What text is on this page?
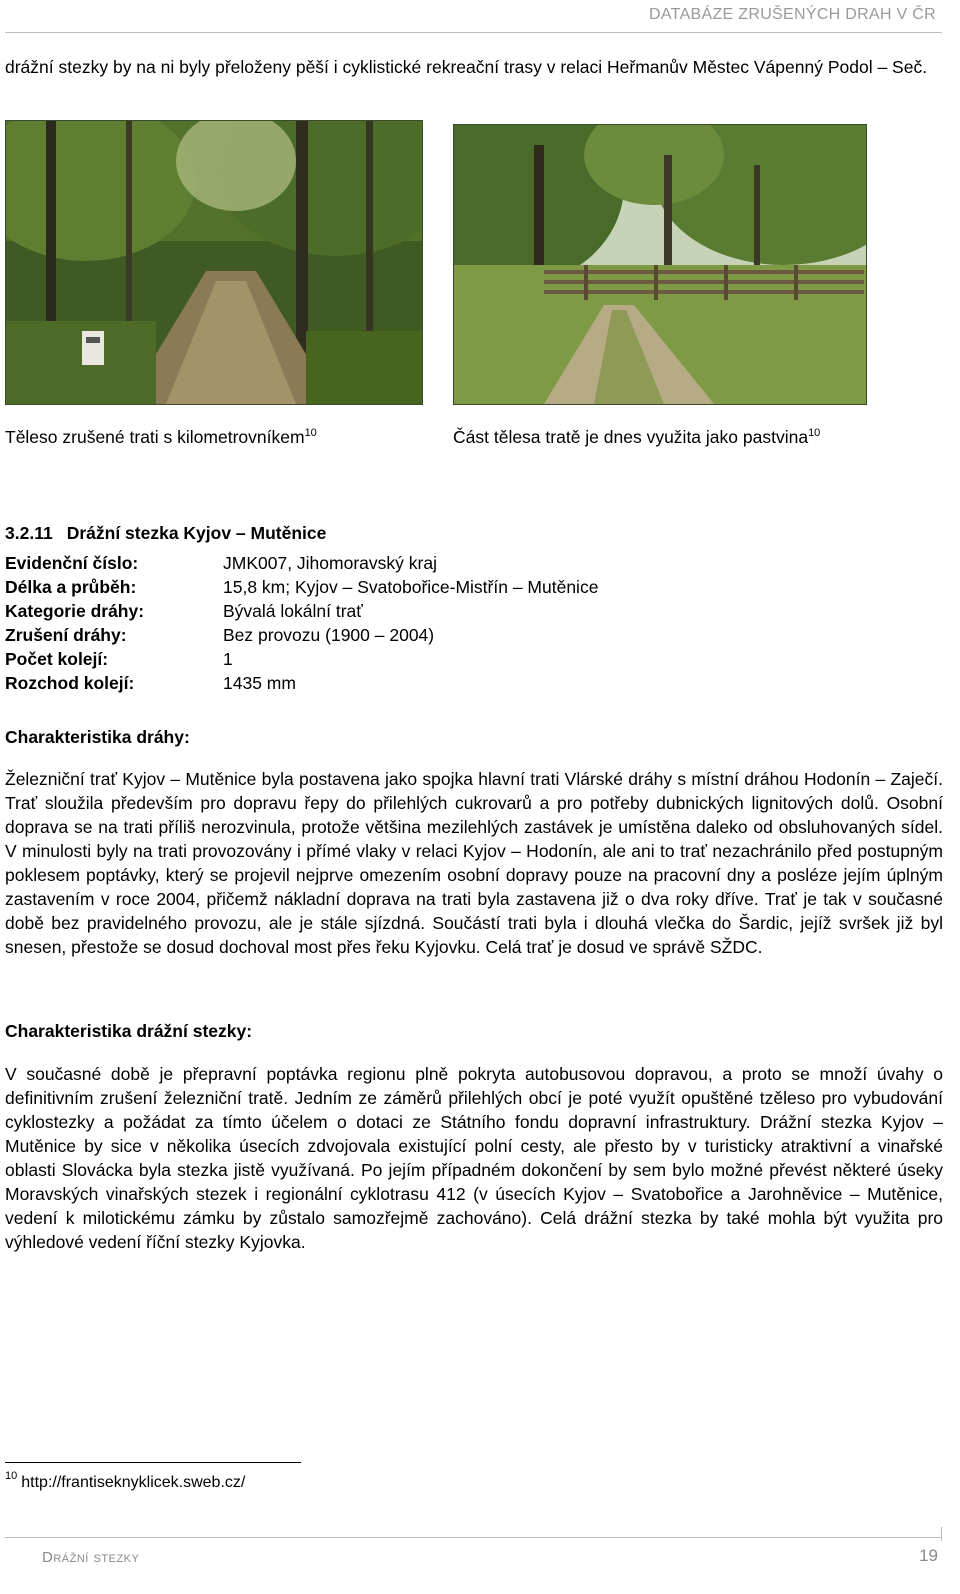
DATABÁZE ZRUŠENÝCH DRAH V ČR

drážní stezky by na ni byly přeloženy pěší i cyklistické rekreační trasy v relaci Heřmanův Městec Vápenný Podol – Seč.

Těleso zrušené trati s kilometrovníkem$^{10}$	Část tělesa tratě je dnes využita jako pastvina$^{10}$
3.2.11 Drážní stezka Kyjov – Mutěnice
Evidenční číslo:	JMK007, Jihomoravský kraj
Délka a průběh:	15,8 km; Kyjov – Svatobořice-Mistřín – Mutěnice
Kategorie dráhy:	Bývalá lokální trať
Zrušení dráhy:	Bez provozu (1900 – 2004)
Počet kolejí:	1
Rozchod kolejí:	1435 mm
Charakteristika dráhy:

Železniční trať Kyjov – Mutěnice byla postavena jako spojka hlavní trati Vlárské dráhy s místní dráhou Hodonín – Zaječí. Trať sloužila především pro dopravu řepy do přilehlých cukrovarů a pro potřeby dubnických lignitových dolů. Osobní doprava se na trati příliš nerozvinula, protože většina mezilehlých zastávek je umístěna daleko od obsluhovaných sídel. V minulosti byly na trati provozovány i přímé vlaky v relaci Kyjov – Hodonín, ale ani to trať nezachránilo před postupným poklesem poptávky, který se projevil nejprve omezením osobní dopravy pouze na pracovní dny a posléze jejím úplným zastavením v roce 2004, přičemž nákladní doprava na trati byla zastavena již o dva roky dříve. Trať je tak v současné době bez pravidelného provozu, ale je stále sjízdná. Součástí trati byla i dlouhá vlečka do Šardic, jejíž svršek již byl snesen, přestože se dosud dochoval most přes řeku Kyjovku. Celá trať je dosud ve správě SŽDC.

Charakteristika drážní stezky:

V současné době je přepravní poptávka regionu plně pokryta autobusovou dopravou, a proto se množí úvahy o definitivním zrušení železniční tratě. Jedním ze záměrů přilehlých obcí je poté využít opuštěné tzěleso pro vybudování cyklostezky a požádat za tímto účelem o dotaci ze Státního fondu dopravní infrastruktury. Drážní stezka Kyjov – Mutěnice by sice v několika úsecích zdvojovala existující polní cesty, ale přesto by v turisticky atraktivní a vinařské oblasti Slovácka byla stezka jistě využívaná. Po jejím případném dokončení by sem bylo možné převést některé úseky Moravských vinařských stezek i regionální cyklotrasu 412 (v úsecích Kyjov – Svatobořice a Jarohněvice – Mutěnice, vedení k milotickému zámku by zůstalo samozřejmě zachováno). Celá drážní stezka by také mohla být využita pro výhledové vedení říční stezky Kyjovka.

$^{10}$ http://frantiseknyklicek.sweb.cz/
Drážní stezky	19
